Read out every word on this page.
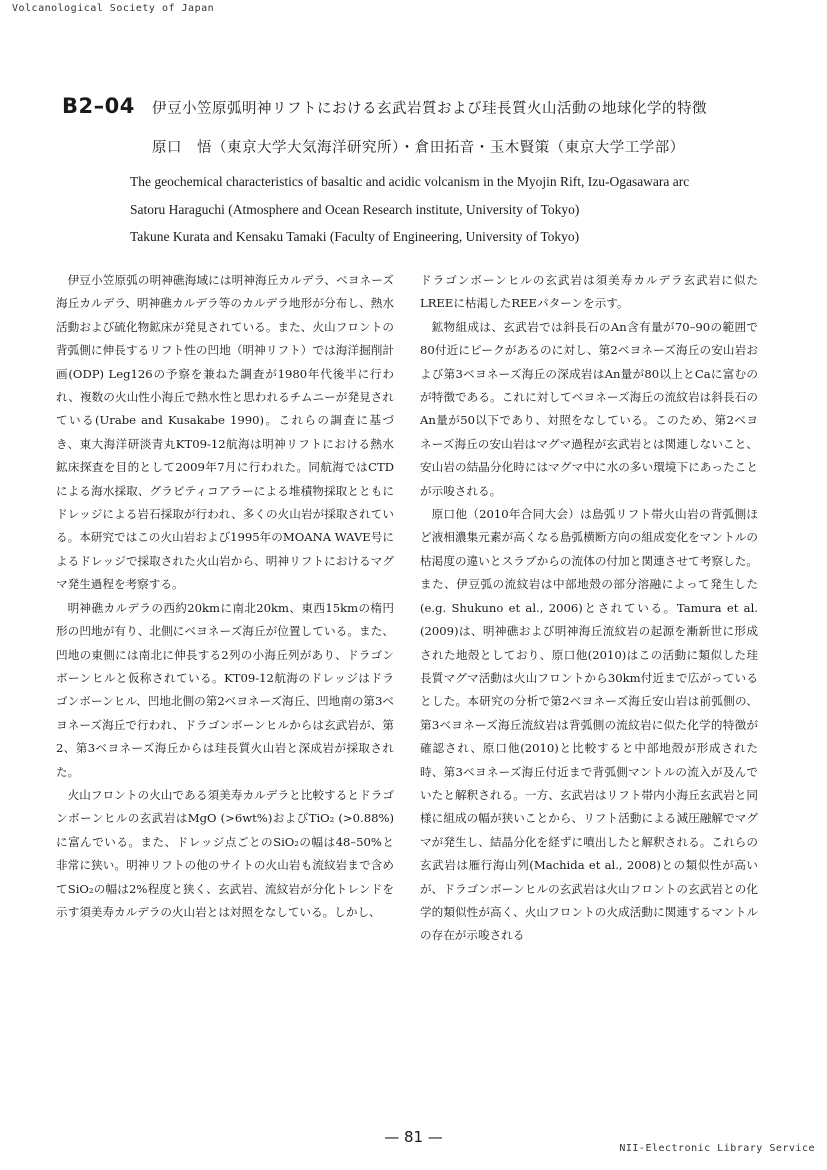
Volcanological Society of Japan
B2–04 伊豆小笠原弧明神リフトにおける玄武岩質および珪長質火山活動の地球化学的特徴
原口　悟（東京大学大気海洋研究所）・倉田拓音・玉木賢策（東京大学工学部）
The geochemical characteristics of basaltic and acidic volcanism in the Myojin Rift, Izu-Ogasawara arc
Satoru Haraguchi (Atmosphere and Ocean Research institute, University of Tokyo)
Takune Kurata and Kensaku Tamaki (Faculty of Engineering, University of Tokyo)

伊豆小笠原弧の明神礁海域には明神海丘カルデラ、ベヨネーズ海丘カルデラ、明神礁カルデラ等のカルデラ地形が分布し、熱水活動および硫化物鉱床が発見されている。また、火山フロントの背弧側に伸長するリフト性の凹地（明神リフト）では海洋掘削計画(ODP) Leg126の予察を兼ねた調査が1980年代後半に行われ、複数の火山性小海丘で熱水性と思われるチムニーが発見されている(Urabe and Kusakabe 1990)。これらの調査に基づき、東大海洋研淡青丸KT09-12航海は明神リフトにおける熱水鉱床探査を目的として2009年7月に行われた。同航海ではCTDによる海水採取、グラビティコアラーによる堆積物採取とともにドレッジによる岩石採取が行われ、多くの火山岩が採取されている。本研究ではこの火山岩および1995年のMOANA WAVE号によるドレッジで採取された火山岩から、明神リフトにおけるマグマ発生過程を考察する。

明神礁カルデラの西約20kmに南北20km、東西15kmの楕円形の凹地が有り、北側にベヨネーズ海丘が位置している。また、凹地の東側には南北に伸長する2列の小海丘列があり、ドラゴンボーンヒルと仮称されている。KT09-12航海のドレッジはドラゴンボーンヒル、凹地北側の第2ベヨネーズ海丘、凹地南の第3ベヨネーズ海丘で行われ、ドラゴンボーンヒルからは玄武岩が、第2、第3ベヨネーズ海丘からは珪長質火山岩と深成岩が採取された。

火山フロントの火山である須美寿カルデラと比較するとドラゴンボーンヒルの玄武岩はMgO (>6wt%)およびTiO₂ (>0.88%)に富んでいる。また、ドレッジ点ごとのSiO₂の幅は48–50%と非常に狭い。明神リフトの他のサイトの火山岩も流紋岩まで含めてSiO₂の幅は2%程度と狭く、玄武岩、流紋岩が分化トレンドを示す須美寿カルデラの火山岩とは対照をなしている。しかし、

ドラゴンボーンヒルの玄武岩は須美寿カルデラ玄武岩に似たLREEに枯渇したREEパターンを示す。

鉱物組成は、玄武岩では斜長石のAn含有量が70–90の範囲で80付近にピークがあるのに対し、第2ベヨネーズ海丘の安山岩および第3ベヨネーズ海丘の深成岩はAn量が80以上とCaに富むのが特徴である。これに対してベヨネーズ海丘の流紋岩は斜長石のAn量が50以下であり、対照をなしている。このため、第2ベヨネーズ海丘の安山岩はマグマ過程が玄武岩とは関連しないこと、安山岩の結晶分化時にはマグマ中に水の多い環境下にあったことが示唆される。

原口他（2010年合同大会）は島弧リフト帯火山岩の背弧側ほど液相濃集元素が高くなる島弧横断方向の組成変化をマントルの枯渇度の違いとスラブからの流体の付加と関連させて考察した。また、伊豆弧の流紋岩は中部地殻の部分溶融によって発生した(e.g. Shukuno et al., 2006)とされている。Tamura et al. (2009)は、明神礁および明神海丘流紋岩の起源を漸新世に形成された地殻としており、原口他(2010)はこの活動に類似した珪長質マグマ活動は火山フロントから30km付近まで広がっているとした。本研究の分析で第2ベヨネーズ海丘安山岩は前弧側の、第3ベヨネーズ海丘流紋岩は背弧側の流紋岩に似た化学的特徴が確認され、原口他(2010)と比較すると中部地殻が形成された時、第3ベヨネーズ海丘付近まで背弧側マントルの流入が及んでいたと解釈される。一方、玄武岩はリフト帯内小海丘玄武岩と同様に組成の幅が狭いことから、リフト活動による減圧融解でマグマが発生し、結晶分化を経ずに噴出したと解釈される。これらの玄武岩は雁行海山列(Machida et al., 2008)との類似性が高いが、ドラゴンボーンヒルの玄武岩は火山フロントの玄武岩との化学的類似性が高く、火山フロントの火成活動に関連するマントルの存在が示唆される

— 81 —
NII-Electronic Library Service
